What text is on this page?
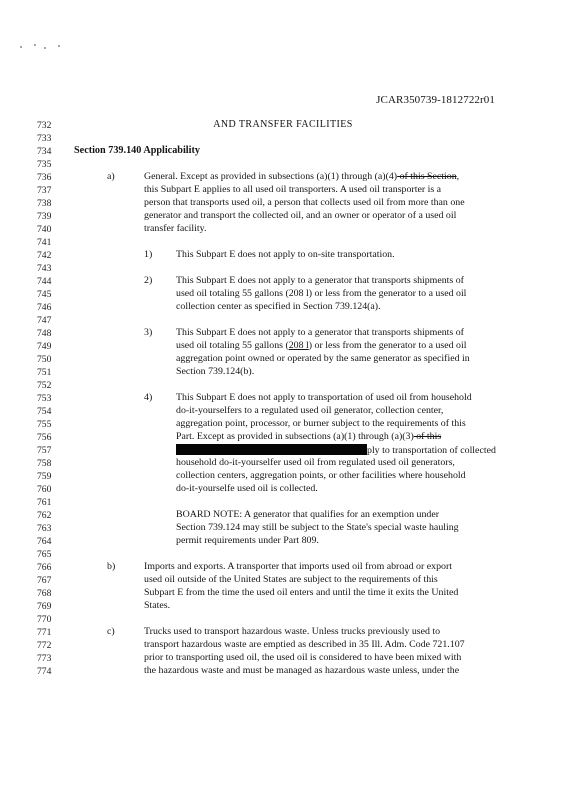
JCAR350739-1812722r01
AND TRANSFER FACILITIES
732
733
734
735
736
737
738
739
740
741
742
743
744
745
746
747
748
749
750
751
752
753
754
755
756
757
758
759
760
761
762
763
764
765
766
767
768
769
770
771
772
773
774
Section 739.140 Applicability
a)	General. Except as provided in subsections (a)(1) through (a)(4) of this Section,
this Subpart E applies to all used oil transporters. A used oil transporter is a
person that transports used oil, a person that collects used oil from more than one
generator and transport the collected oil, and an owner or operator of a used oil
transfer facility.
1) This Subpart E does not apply to on-site transportation.
2) This Subpart E does not apply to a generator that transports shipments of
used oil totaling 55 gallons (208 l) or less from the generator to a used oil
collection center as specified in Section 739.124(a).
3) This Subpart E does not apply to a generator that transports shipments of
used oil totaling 55 gallons (208 l) or less from the generator to a used oil
aggregation point owned or operated by the same generator as specified in
Section 739.124(b).
4) This Subpart E does not apply to transportation of used oil from household
do-it-yourselfers to a regulated used oil generator, collection center,
aggregation point, processor, or burner subject to the requirements of this
Part. Except as provided in subsections (a)(1) through (a)(3) of this
ply to transportation of collected
household do-it-yourselfer used oil from regulated used oil generators,
collection centers, aggregation points, or other facilities where household
do-it-yourselfe used oil is collected.
BOARD NOTE: A generator that qualifies for an exemption under
Section 739.124 may still be subject to the State's special waste hauling
permit requirements under Part 809.
b)	Imports and exports. A transporter that imports used oil from abroad or export
used oil outside of the United States are subject to the requirements of this
Subpart E from the time the used oil enters and until the time it exits the United
States.
c)	Trucks used to transport hazardous waste. Unless trucks previously used to
transport hazardous waste are emptied as described in 35 Ill. Adm. Code 721.107
prior to transporting used oil, the used oil is considered to have been mixed with
the hazardous waste and must be managed as hazardous waste unless, under the
